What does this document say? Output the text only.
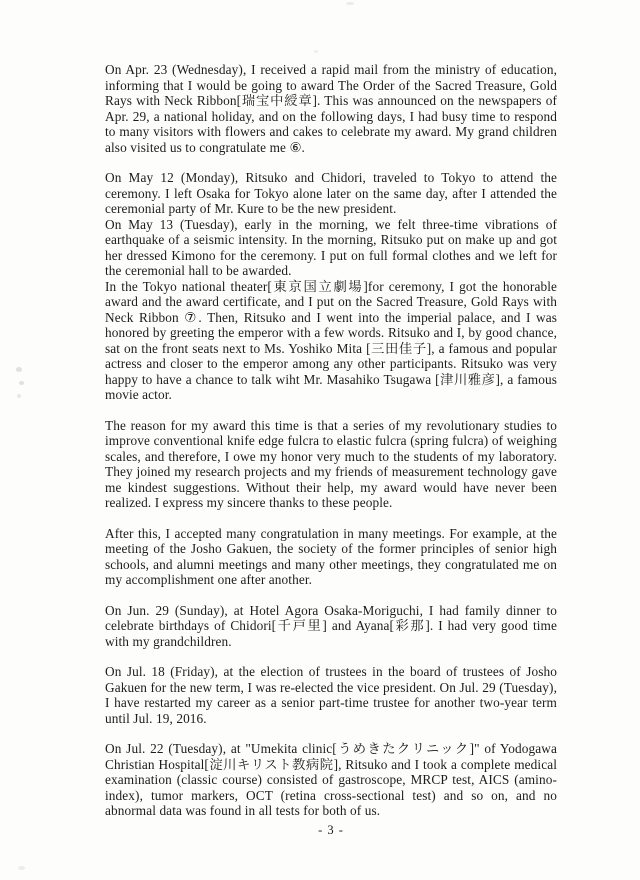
On Apr. 23 (Wednesday), I received a rapid mail from the ministry of education, informing that I would be going to award The Order of the Sacred Treasure, Gold Rays with Neck Ribbon[瑞宝中綬章]. This was announced on the newspapers of Apr. 29, a national holiday, and on the following days, I had busy time to respond to many visitors with flowers and cakes to celebrate my award. My grand children also visited us to congratulate me ⑥.

On May 12 (Monday), Ritsuko and Chidori, traveled to Tokyo to attend the ceremony. I left Osaka for Tokyo alone later on the same day, after I attended the ceremonial party of Mr. Kure to be the new president.

On May 13 (Tuesday), early in the morning, we felt three-time vibrations of earthquake of a seismic intensity. In the morning, Ritsuko put on make up and got her dressed Kimono for the ceremony. I put on full formal clothes and we left for the ceremonial hall to be awarded.

In the Tokyo national theater[東京国立劇場]for ceremony, I got the honorable award and the award certificate, and I put on the Sacred Treasure, Gold Rays with Neck Ribbon ⑦. Then, Ritsuko and I went into the imperial palace, and I was honored by greeting the emperor with a few words. Ritsuko and I, by good chance, sat on the front seats next to Ms. Yoshiko Mita [三田佳子], a famous and popular actress and closer to the emperor among any other participants. Ritsuko was very happy to have a chance to talk wiht Mr. Masahiko Tsugawa [津川雅彦], a famous movie actor.

The reason for my award this time is that a series of my revolutionary studies to improve conventional knife edge fulcra to elastic fulcra (spring fulcra) of weighing scales, and therefore, I owe my honor very much to the students of my laboratory. They joined my research projects and my friends of measurement technology gave me kindest suggestions. Without their help, my award would have never been realized. I express my sincere thanks to these people.

After this, I accepted many congratulation in many meetings. For example, at the meeting of the Josho Gakuen, the society of the former principles of senior high schools, and alumni meetings and many other meetings, they congratulated me on my accomplishment one after another.

On Jun. 29 (Sunday), at Hotel Agora Osaka-Moriguchi, I had family dinner to celebrate birthdays of Chidori[千戸里] and Ayana[彩那]. I had very good time with my grandchildren.

On Jul. 18 (Friday), at the election of trustees in the board of trustees of Josho Gakuen for the new term, I was re-elected the vice president. On Jul. 29 (Tuesday), I have restarted my career as a senior part-time trustee for another two-year term until Jul. 19, 2016.

On Jul. 22 (Tuesday), at "Umekita clinic[うめきたクリニック]" of Yodogawa Christian Hospital[淀川キリスト教病院], Ritsuko and I took a complete medical examination (classic course) consisted of gastroscope, MRCP test, AICS (amino-index), tumor markers, OCT (retina cross-sectional test) and so on, and no abnormal data was found in all tests for both of us.

- 3 -
